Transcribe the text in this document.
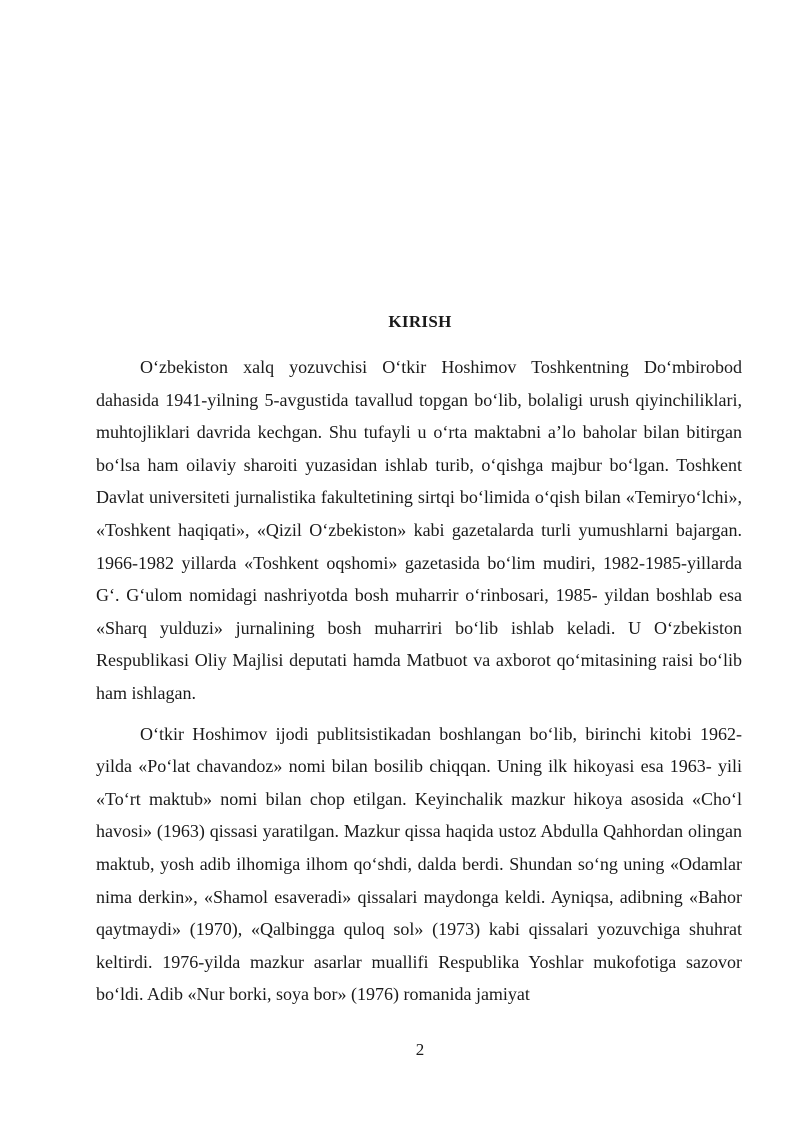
KIRISH

O‘zbekiston xalq yozuvchisi O‘tkir Hoshimov Toshkentning Do‘mbirobod dahasida 1941-yilning 5-avgustida tavallud topgan bo‘lib, bolaligi urush qiyinchiliklari, muhtojliklari davrida kechgan. Shu tufayli u o‘rta maktabni a’lo baholar bilan bitirgan bo‘lsa ham oilaviy sharoiti yuzasidan ishlab turib, o‘qishga majbur bo‘lgan. Toshkent Davlat universiteti jurnalistika fakultetining sirtqi bo‘limida o‘qish bilan «Temiryo‘lchi», «Toshkent haqiqati», «Qizil O‘zbekiston» kabi gazetalarda turli yumushlarni bajargan. 1966-1982 yillarda «Toshkent oqshomi» gazetasida bo‘lim mudiri, 1982-1985-yillarda G‘. G‘ulom nomidagi nashriyotda bosh muharrir o‘rinbosari, 1985- yildan boshlab esa «Sharq yulduzi» jurnalining bosh muharriri bo‘lib ishlab keladi. U O‘zbekiston Respublikasi Oliy Majlisi deputati hamda Matbuot va axborot qo‘mitasining raisi bo‘lib ham ishlagan.

O‘tkir Hoshimov ijodi publitsistikadan boshlangan bo‘lib, birinchi kitobi 1962-yilda «Po‘lat chavandoz» nomi bilan bosilib chiqqan. Uning ilk hikoyasi esa 1963- yili «To‘rt maktub» nomi bilan chop etilgan. Keyinchalik mazkur hikoya asosida «Cho‘l havosi» (1963) qissasi yaratilgan. Mazkur qissa haqida ustoz Abdulla Qahhordan olingan maktub, yosh adib ilhomiga ilhom qo‘shdi, dalda berdi. Shundan so‘ng uning «Odamlar nima derkin», «Shamol esaveradi» qissalari maydonga keldi. Ayniqsa, adibning «Bahor qaytmaydi» (1970), «Qalbingga quloq sol» (1973) kabi qissalari yozuvchiga shuhrat keltirdi. 1976-yilda mazkur asarlar muallifi Respublika Yoshlar mukofotiga sazovor bo‘ldi. Adib «Nur borki, soya bor» (1976) romanida jamiyat

2
